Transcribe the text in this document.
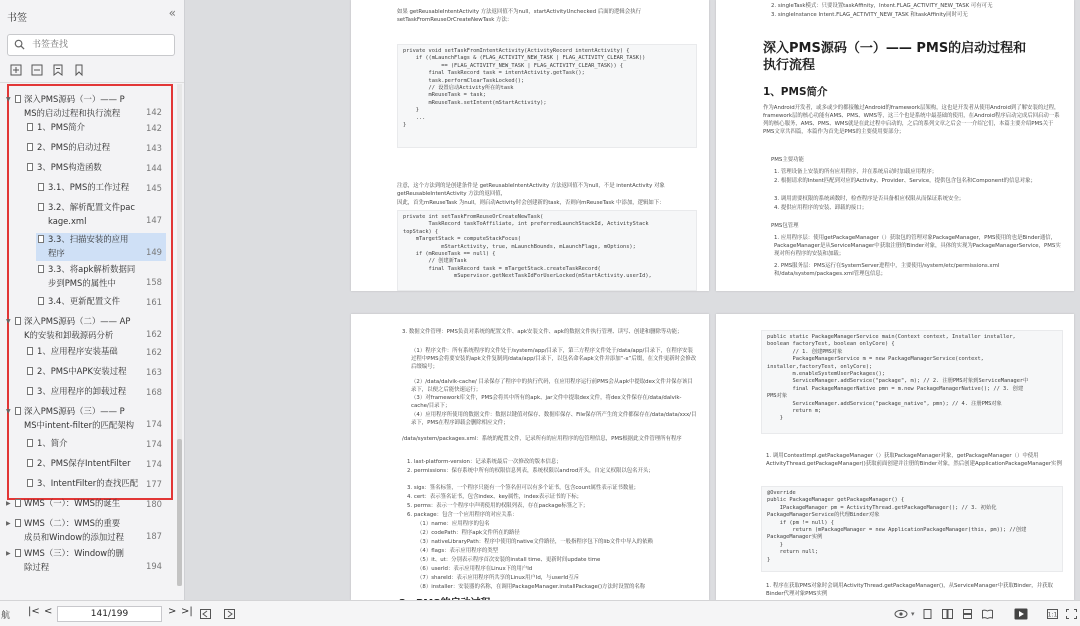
书签	«
书签查找
▼ 深入PMS源码（一）—— P
MS的启动过程和执行流程	142
1、PMS简介	142
2、PMS的启动过程	143
3、PMS构造函数	144
3.1、PMS的工作过程 145
3.2、解析配置文件pac
kage.xml	147
3.3、扫描安装的应用
程序	149
3.3、将apk解析数据同
步到PMS的属性中	158
3.4、更新配置文件	161
▼ 深入PMS源码（二）—— AP
K的安装和卸载源码分析	162
1、应用程序安装基础	162
2、PMS中APK安装过程 163
3、应用程序的卸载过程 168
▼ 深入PMS源码（三）—— P
MS中intent-filter的匹配架构 174
1、简介	174
2、PMS保存IntentFilter 174
3、IntentFilter的查找匹配 177
▶ WMS（一）：WMS的诞生	180
▶ WMS（二）：WMS的重要
成员和Window的添加过程	187
▶ WMS（三）：Window的删
除过程	194
如果 getReusableIntentActivity 方法返回值不为null，startActivityUnchecked 后面的逻辑会执行 setTaskFromReuseOrCreateNewTask 方法：
private void setTaskFromIntentActivity(ActivityRecord intentActivity) {
if ((mLaunchFlags & (FLAG_ACTIVITY_NEW_TASK | FLAG_ACTIVITY_CLEAR_TASK))
== (FLAG_ACTIVITY_NEW_TASK | FLAG_ACTIVITY_CLEAR_TASK)) {
final TaskRecord task = intentActivity.getTask();
task.performClearTaskLocked();
// 设置启动Activity所在的task
mReuseTask = task;
mReuseTask.setIntent(mStartActivity);
}
...
}
注意，这个方法到的是创建条件是 getReusableIntentActivity 方法返回值不为null，不是 intentActivity 对象 getReusableIntentActivity 方法的返回值，
因此，首先mReuseTask 为null，则启动Activity时会创建新的task，否则向mReuseTask 中添加，逻辑如下：
private int setTaskFromReuseOrCreateNewTask(
TaskRecord taskToAffiliate, int preferredLaunchStackId, ActivityStack
topStack) {
mTargetStack = computeStackFocus(
mStartActivity, true, mLaunchBounds, mLaunchFlags, mOptions);
if (mReuseTask == null) {
// 创建新Task
final TaskRecord task = mTargetStack.createTaskRecord(
mSupervisor.getNextTaskIdForUserLocked(mStartActivity.userId),
2. singleTask模式：只要设置taskAffinity，Intent.FLAG_ACTIVITY_NEW_TASK 可有可无
3. singleInstance Intent.FLAG_ACTIVITY_NEW_TASK 和taskAffinity同时可无
深入PMS源码（一）—— PMS的启动过程和
执行流程
1、PMS简介
作为Android开发者，或多或少的都接触过Android的framework层架构，这也是开发者从使用Android到了解安装的过程，framework层的核心功能有AMS、PMS、WMS等，这三个也是系统中最基础的使用，在Android程序启动完成后回启动一系列的核心服务，AMS、PMS、WMS就是在此过程中启动的，之后的系列文章之后会一一介绍它们，本篇主要介绍PMS关于PMS文章共四篇，本篇作为首先是PMS的主要使用要部分；
PMS主要功能
1. 管理设备上安装的所有应用程序，并在系统启动时加载应用程序；
2. 根据请求的Intent匹配到对应的Activity、Provider、Service，提供包含包名和Component的信息对象；
3. 调用需要权限的系统函数时，检查程序是否具备相应权限从而保证系统安全；
4. 提供应用程序的安装、卸载的接口；
PMS包管理
1. 应用程序层：使用getPackageManager（）获取包的管理对象PackageManager，PMS使用的也是Binder通信，PackageManager是从ServiceManager中获取注册的Binder对象，具体的实现为PackageManagerService，PMS实现对所有程序的安装和加载；
2. PMS服务层：PMS运行在SystemServer进程中，主要使用/system/etc/permissions.xml和/data/system/packages.xml管理包信息；
3. 数据文件管理：PMS负责对系统的配置文件、apk安装文件、apk的数据文件执行管理、读写、创建和删除等功能；
（1）程序文件：所有系统程序的文件处于/system/app/目录下，第三方程序文件处于/data/app/目录下，在程序安装过程中PMS会将要安装的apk文件复制到/data/app/目录下，以包名命名apk文件并添加“-x”后缀，在文件更新时会修改后缀编号；
（2）/data/dalvik-cache/ 目录保存了程序中的执行代码，在应用程序运行前PMS会从apk中提取dex文件并保存该目录下，以便之后能快速运行；
（3）对framework库文件，PMS会将其中所有的apk、jar文件中提取dex文件，将dex文件保存在/data/dalvik-cache/目录下；
（4）应用程序所使用的数据文件：数据以键值对保存、数据库保存、File保存所产生的文件都保存在/data/data/xxx/目录下，PMS在程序卸载会删除相应文件；
/data/system/packages.xml：系统的配置文件，记录所有的应用程序的包管理信息，PMS根据此文件管理所有程序
1. last-platform-version：记录系统最后一次修改的版本信息；
2. permissions：保存系统中所有的权限信息列表，系统权限以androd开头，自定义权限以包名开头；
3. sigs：签名标签，一个程序只能有一个签名但可以有多个证书，包含count属性表示证书数量；
4. cert：表示签名证书，包含index、key属性，index表示证书的下标；
5. perms：表示一个程序中声明使用的权限列表，存在package标签之下；
6. package：包含一个应用程序的对应关系：
（1）name：应用程序的包名
（2）codePath：程序apk文件所在的路径
（3）nativeLibraryPath：程序中使用的native文件路径，一般指程序包下的lib文件中导入的依赖
（4）flags：表示应用程序的类型
（5）it、ut：分别表示程序首次安装的install time、更新时间update time
（6）userId：表示应用程序在Linux下的用户Id
（7）shareId：表示应用程序所共享的Linux用户Id，与userId互斥
（8）installer：安装器的名称，在调用PackageManager.installPackage()方法时设置的名称
public static PackageManagerService main(Context context, Installer installer,
boolean factoryTest, boolean onlyCore) {
// 1. 创建PMS对象
PackageManagerService m = new PackageManagerService(context,
installer,factoryTest, onlyCore);
m.enableSystemUserPackages();
ServiceManager.addService("package", m); // 2. 注册PMS对象到ServiceManager中
final PackageManagerNative pmn = m.new PackageManagerNative(); // 3. 创建
PMS对象
ServiceManager.addService("package_native", pmn); // 4. 注册PMS对象
return m;
}
1. 调用ContextImpl.getPackageManager（）获取PackageManager对象，getPackageManager（）中使用ActivityThread.getPackageManager()获取前面创建并注册的Binder对象，然后创建ApplicationPackageManager实例
@Override
public PackageManager getPackageManager() {
IPackageManager pm = ActivityThread.getPackageManager(); // 3. 初始化
PackageManagerService的代理Binder对象
if (pm != null) {
return (mPackageManager = new ApplicationPackageManager(this, pm)); //创建
PackageManager实例
}
return null;
}
1. 程序在获取PMS对象时会调用ActivityThread.getPackageManager()，从ServiceManager中获取Binder，并获取Binder代理对象PMS实例
航 |< <	141/199	> >|	▾	1:1
